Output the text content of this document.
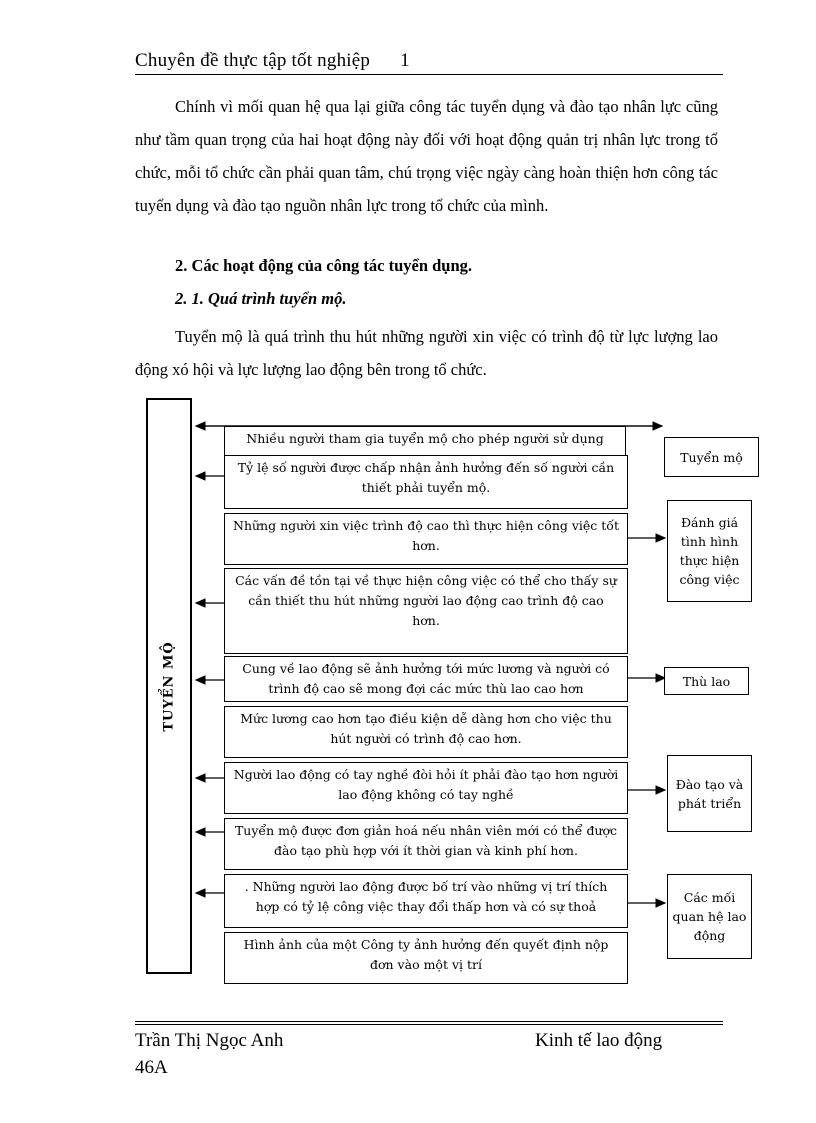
Chuyên đề thực tập tốt nghiệp 1
Chính vì mối quan hệ qua lại giữa công tác tuyển dụng và đào tạo nhân lực cũng như tầm quan trọng của hai hoạt động này đối với hoạt động quản trị nhân lực trong tổ chức, mỗi tổ chức cần phải quan tâm, chú trọng việc ngày càng hoàn thiện hơn công tác tuyển dụng và đào tạo nguồn nhân lực trong tổ chức của mình.
2. Các hoạt động của công tác tuyển dụng.
2. 1. Quá trình tuyển mộ.
Tuyển mộ là quá trình thu hút những người xin việc có trình độ từ lực lượng lao động xó hội và lực lượng lao động bên trong tổ chức.
TUYỂN MỘ
Nhiều người tham gia tuyển mộ cho phép người sử dụng
Tỷ lệ số người được chấp nhận ảnh hưởng đến số người cần thiết phải tuyển mộ.
Những người xin việc trình độ cao thì thực hiện công việc tốt hơn.
Các vấn đề tồn tại về thực hiện công việc có thể cho thấy sự cần thiết thu hút những người lao động cao trình độ cao hơn.
Cung về lao động sẽ ảnh hưởng tới mức lương và người có trình độ cao sẽ mong đợi các mức thù lao cao hơn
Mức lương cao hơn tạo điều kiện dễ dàng hơn cho việc thu hút người có trình độ cao hơn.
Người lao động có tay nghề đòi hỏi ít phải đào tạo hơn người lao động không có tay nghề
Tuyển mộ được đơn giản hoá nếu nhân viên mới có thể được đào tạo phù hợp với ít thời gian và kinh phí hơn.
. Những người lao động được bố trí vào những vị trí thích hợp có tỷ lệ công việc thay đổi thấp hơn và có sự thoả
Hình ảnh của một Công ty ảnh hưởng đến quyết định nộp đơn vào một vị trí
Tuyển mộ
Đánh giá tình hình thực hiện công việc
Thù lao
Đào tạo và phát triển
Các mối quan hệ lao động
Trần Thị Ngọc Anh	Kinh tế lao động
46A
